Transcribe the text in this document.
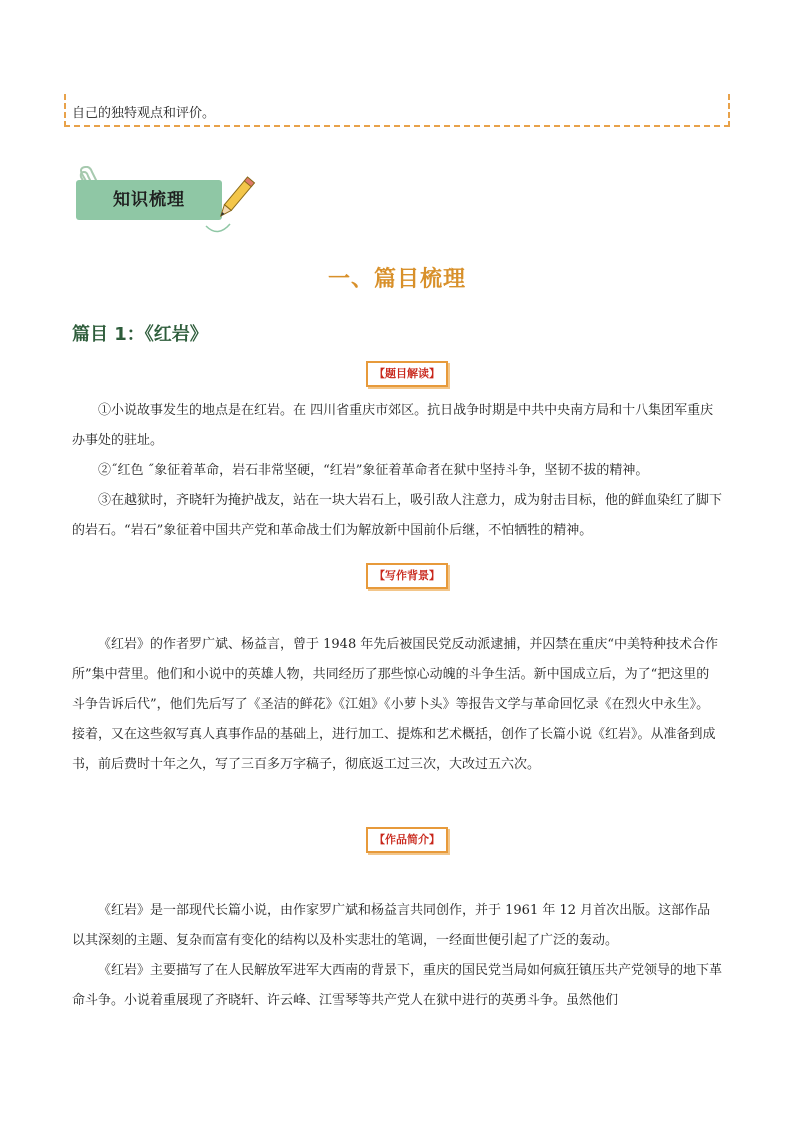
自己的独特观点和评价。
知识梳理
一、篇目梳理
篇目 1：《红岩》
【题目解读】

①小说故事发生的地点是在红岩。在 四川省重庆市郊区。抗日战争时期是中共中央南方局和十八集团军重庆办事处的驻址。

②˝红色 ˝象征着革命，岩石非常坚硬，“红岩”象征着革命者在狱中坚持斗争，坚韧不拔的精神。

③在越狱时，齐晓轩为掩护战友，站在一块大岩石上，吸引敌人注意力，成为射击目标，他的鲜血染红了脚下的岩石。“岩石”象征着中国共产党和革命战士们为解放新中国前仆后继，不怕牺牲的精神。

【写作背景】

《红岩》的作者罗广斌、杨益言，曾于 1948 年先后被国民党反动派逮捕，并囚禁在重庆“中美特种技术合作所”集中营里。他们和小说中的英雄人物，共同经历了那些惊心动魄的斗争生活。新中国成立后，为了“把这里的斗争告诉后代”，他们先后写了《圣洁的鲜花》《江姐》《小萝卜头》等报告文学与革命回忆录《在烈火中永生》。接着，又在这些叙写真人真事作品的基础上，进行加工、提炼和艺术概括，创作了长篇小说《红岩》。从准备到成书，前后费时十年之久，写了三百多万字稿子，彻底返工过三次，大改过五六次。

【作品简介】

《红岩》是一部现代长篇小说，由作家罗广斌和杨益言共同创作，并于 1961 年 12 月首次出版。这部作品以其深刻的主题、复杂而富有变化的结构以及朴实悲壮的笔调，一经面世便引起了广泛的轰动。

《红岩》主要描写了在人民解放军进军大西南的背景下，重庆的国民党当局如何疯狂镇压共产党领导的地下革命斗争。小说着重展现了齐晓轩、许云峰、江雪琴等共产党人在狱中进行的英勇斗争。虽然他们
